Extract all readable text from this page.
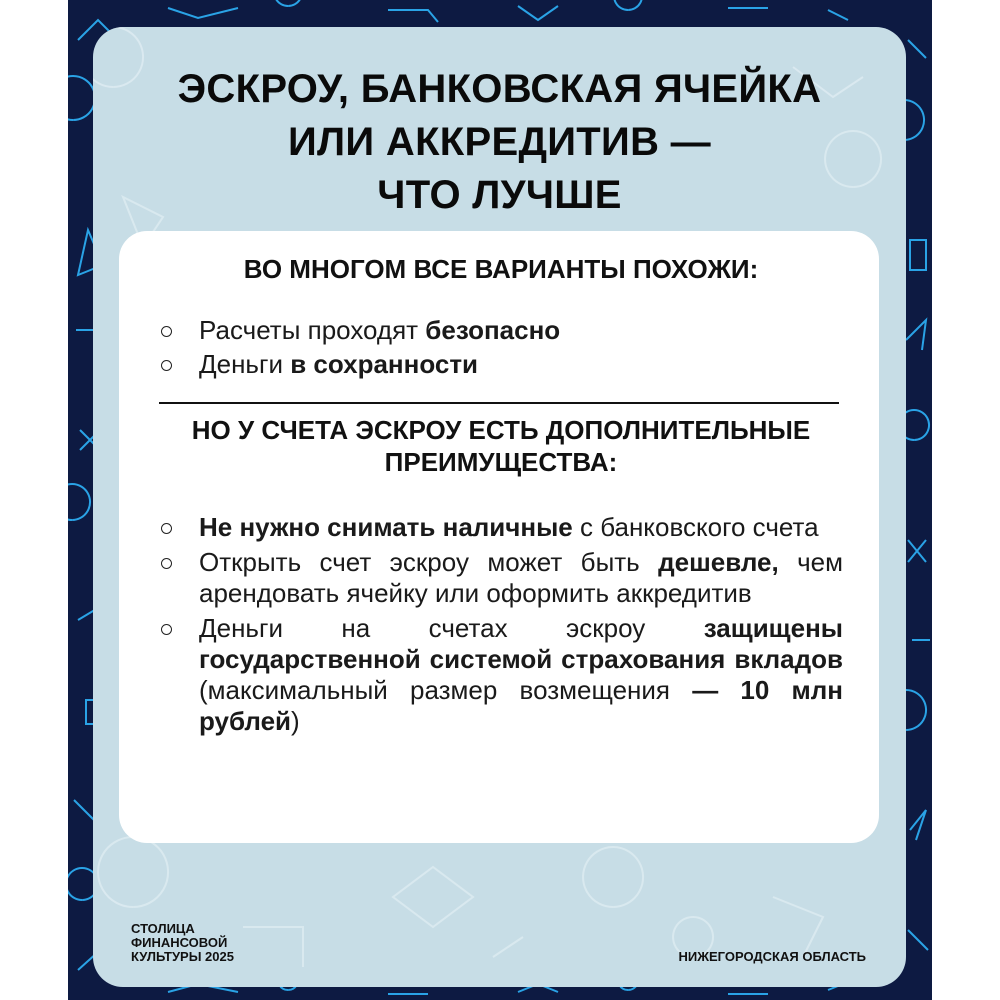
ЭСКРОУ, БАНКОВСКАЯ ЯЧЕЙКА
ИЛИ АККРЕДИТИВ —
ЧТО ЛУЧШЕ

ВО МНОГОМ ВСЕ ВАРИАНТЫ ПОХОЖИ:

Расчеты проходят безопасно
Деньги в сохранности

НО У СЧЕТА ЭСКРОУ ЕСТЬ ДОПОЛНИТЕЛЬНЫЕ ПРЕИМУЩЕСТВА:

Не нужно снимать наличные с банковского счета
Открыть счет эскроу может быть дешевле, чем арендовать ячейку или оформить аккредитив
Деньги на счетах эскроу защищены государственной системой страхования вкладов (максимальный размер возмещения — 10 млн рублей)
СТОЛИЦА
ФИНАНСОВОЙ
КУЛЬТУРЫ 2025	НИЖЕГОРОДСКАЯ ОБЛАСТЬ
